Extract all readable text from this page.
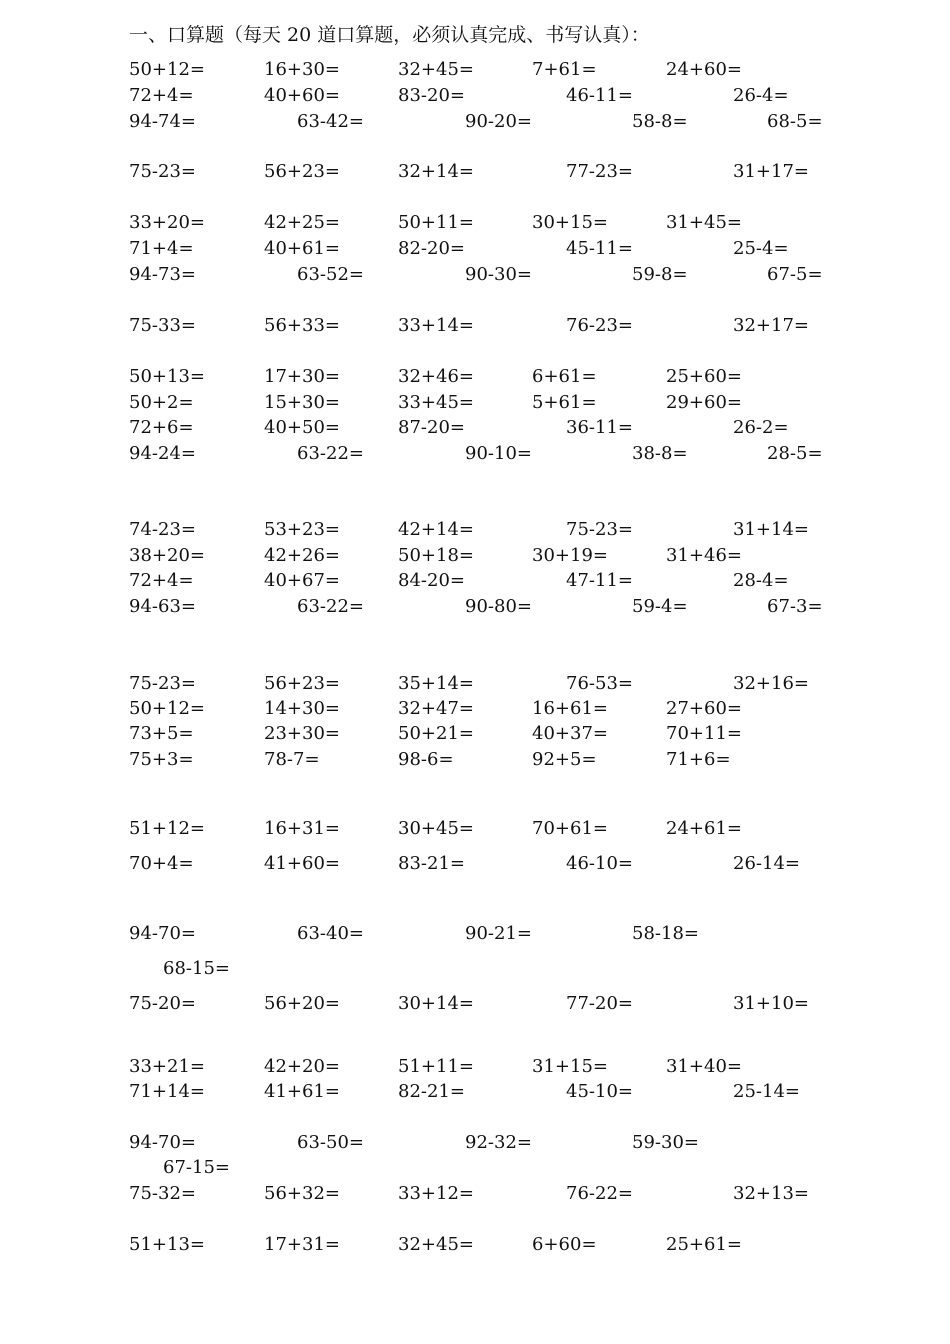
一、口算题（每天 20 道口算题，必须认真完成、书写认真）：
50+12=	16+30=	32+45=	7+61=	24+60=
72+4=	40+60=	83-20=	46-11=	26-4=
94-74=	63-42=	90-20=	58-8=	68-5=
75-23=	56+23=	32+14=	77-23=	31+17=
33+20=	42+25=	50+11=	30+15=	31+45=
71+4=	40+61=	82-20=	45-11=	25-4=
94-73=	63-52=	90-30=	59-8=	67-5=
75-33=	56+33=	33+14=	76-23=	32+17=
50+13=	17+30=	32+46=	6+61=	25+60=
50+2=	15+30=	33+45=	5+61=	29+60=
72+6=	40+50=	87-20=	36-11=	26-2=
94-24=	63-22=	90-10=	38-8=	28-5=
74-23=	53+23=	42+14=	75-23=	31+14=
38+20=	42+26=	50+18=	30+19=	31+46=
72+4=	40+67=	84-20=	47-11=	28-4=
94-63=	63-22=	90-80=	59-4=	67-3=
75-23=	56+23=	35+14=	76-53=	32+16=
50+12=	14+30=	32+47=	16+61=	27+60=
73+5=	23+30=	50+21=	40+37=	70+11=
75+3=	78-7=	98-6=	92+5=	71+6=
51+12=	16+31=	30+45=	70+61=	24+61=
70+4=	41+60=	83-21=	46-10=	26-14=
94-70=	63-40=	90-21=	58-18=
68-15=
75-20=	56+20=	30+14=	77-20=	31+10=
33+21=	42+20=	51+11=	31+15=	31+40=
71+14=	41+61=	82-21=	45-10=	25-14=
94-70=	63-50=	92-32=	59-30=
67-15=
75-32=	56+32=	33+12=	76-22=	32+13=
51+13=	17+31=	32+45=	6+60=	25+61=
